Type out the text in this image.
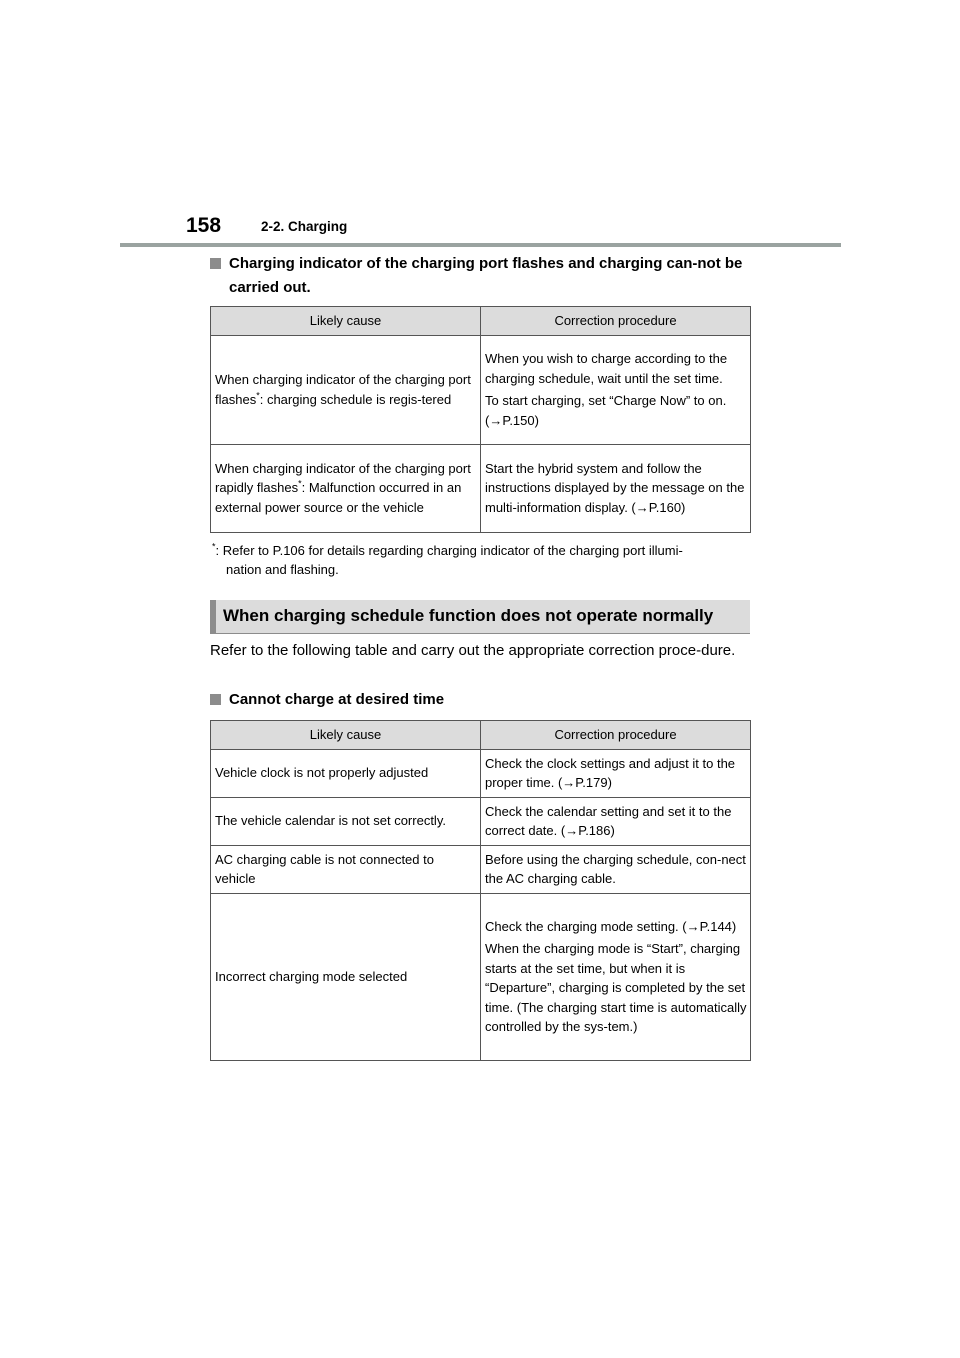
158	2-2. Charging
Charging indicator of the charging port flashes and charging can-not be carried out.
Likely cause	Correction procedure
When charging indicator of the charging port flashes*: charging schedule is regis-tered	When you wish to charge according to the charging schedule, wait until the set time.

To start charging, set “Charge Now” to on. (→P.150)

When charging indicator of the charging port rapidly flashes*: Malfunction occurred in an external power source or the vehicle	Start the hybrid system and follow the instructions displayed by the message on the multi-information display. (→P.160)

*: Refer to P.106 for details regarding charging indicator of the charging port illumi-
nation and flashing.
When charging schedule function does not operate normally
Refer to the following table and carry out the appropriate correction proce-dure.
Cannot charge at desired time
Likely cause	Correction procedure
Vehicle clock is not properly adjusted	Check the clock settings and adjust it to the proper time. (→P.179)

The vehicle calendar is not set correctly.	Check the calendar setting and set it to the correct date. (→P.186)

AC charging cable is not connected to vehicle	Before using the charging schedule, con-nect the AC charging cable.

Incorrect charging mode selected	Check the charging mode setting. (→P.144)

When the charging mode is “Start”, charging starts at the set time, but when it is “Departure”, charging is completed by the set time. (The charging start time is automatically controlled by the sys-tem.)
